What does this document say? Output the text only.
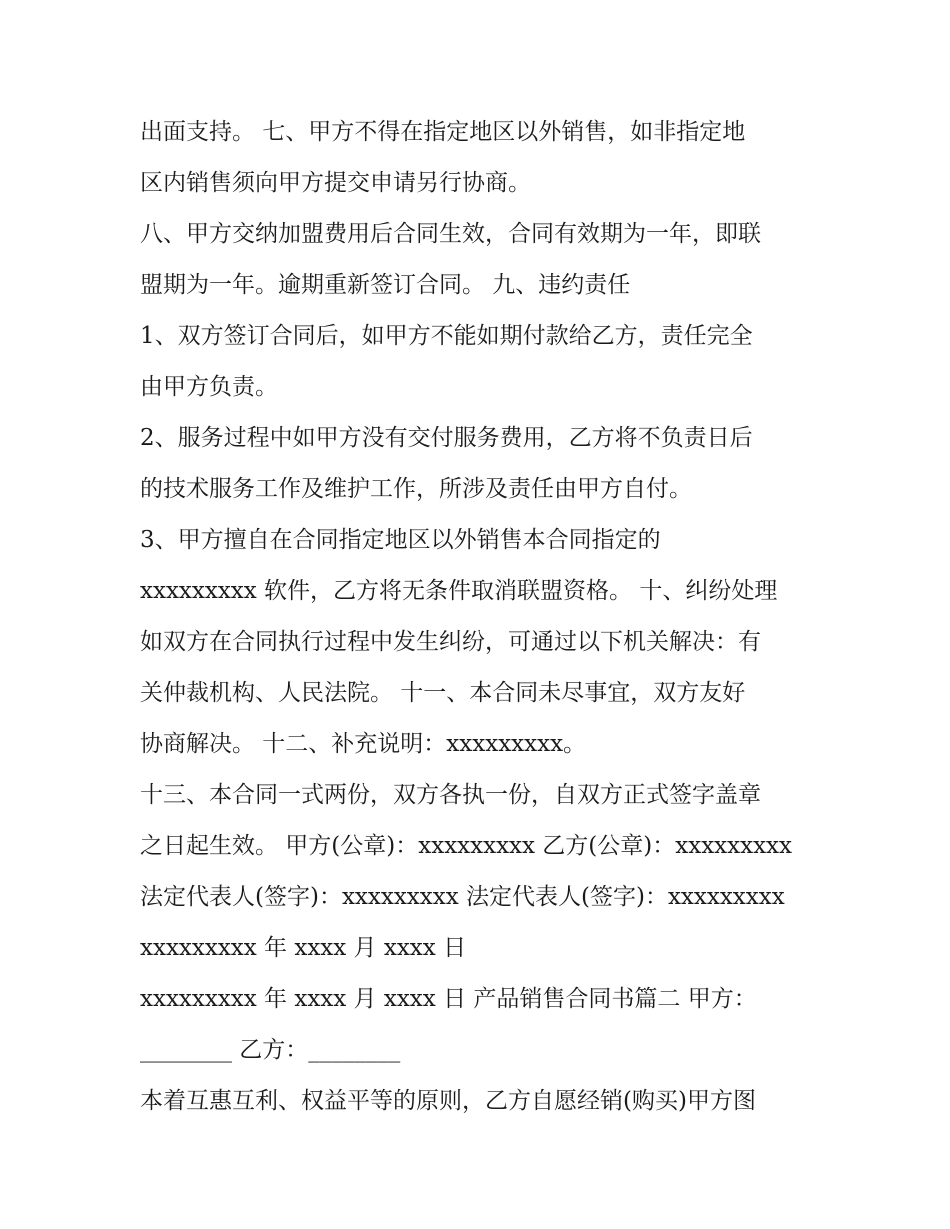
出面支持。 七、甲方不得在指定地区以外销售，如非指定地
区内销售须向甲方提交申请另行协商。
八、甲方交纳加盟费用后合同生效，合同有效期为一年，即联
盟期为一年。逾期重新签订合同。 九、违约责任
1、双方签订合同后，如甲方不能如期付款给乙方，责任完全
由甲方负责。
2、服务过程中如甲方没有交付服务费用，乙方将不负责日后
的技术服务工作及维护工作，所涉及责任由甲方自付。
3、甲方擅自在合同指定地区以外销售本合同指定的
xxxxxxxxx 软件，乙方将无条件取消联盟资格。 十、纠纷处理
如双方在合同执行过程中发生纠纷，可通过以下机关解决：有
关仲裁机构、人民法院。 十一、本合同未尽事宜，双方友好
协商解决。 十二、补充说明：xxxxxxxxx。
十三、本合同一式两份，双方各执一份，自双方正式签字盖章
之日起生效。 甲方(公章)：xxxxxxxxx 乙方(公章)：xxxxxxxxx
法定代表人(签字)：xxxxxxxxx 法定代表人(签字)：xxxxxxxxx
xxxxxxxxx 年 xxxx 月 xxxx 日
xxxxxxxxx 年 xxxx 月 xxxx 日 产品销售合同书篇二 甲方：
________ 乙方：________
本着互惠互利、权益平等的原则，乙方自愿经销(购买)甲方图
